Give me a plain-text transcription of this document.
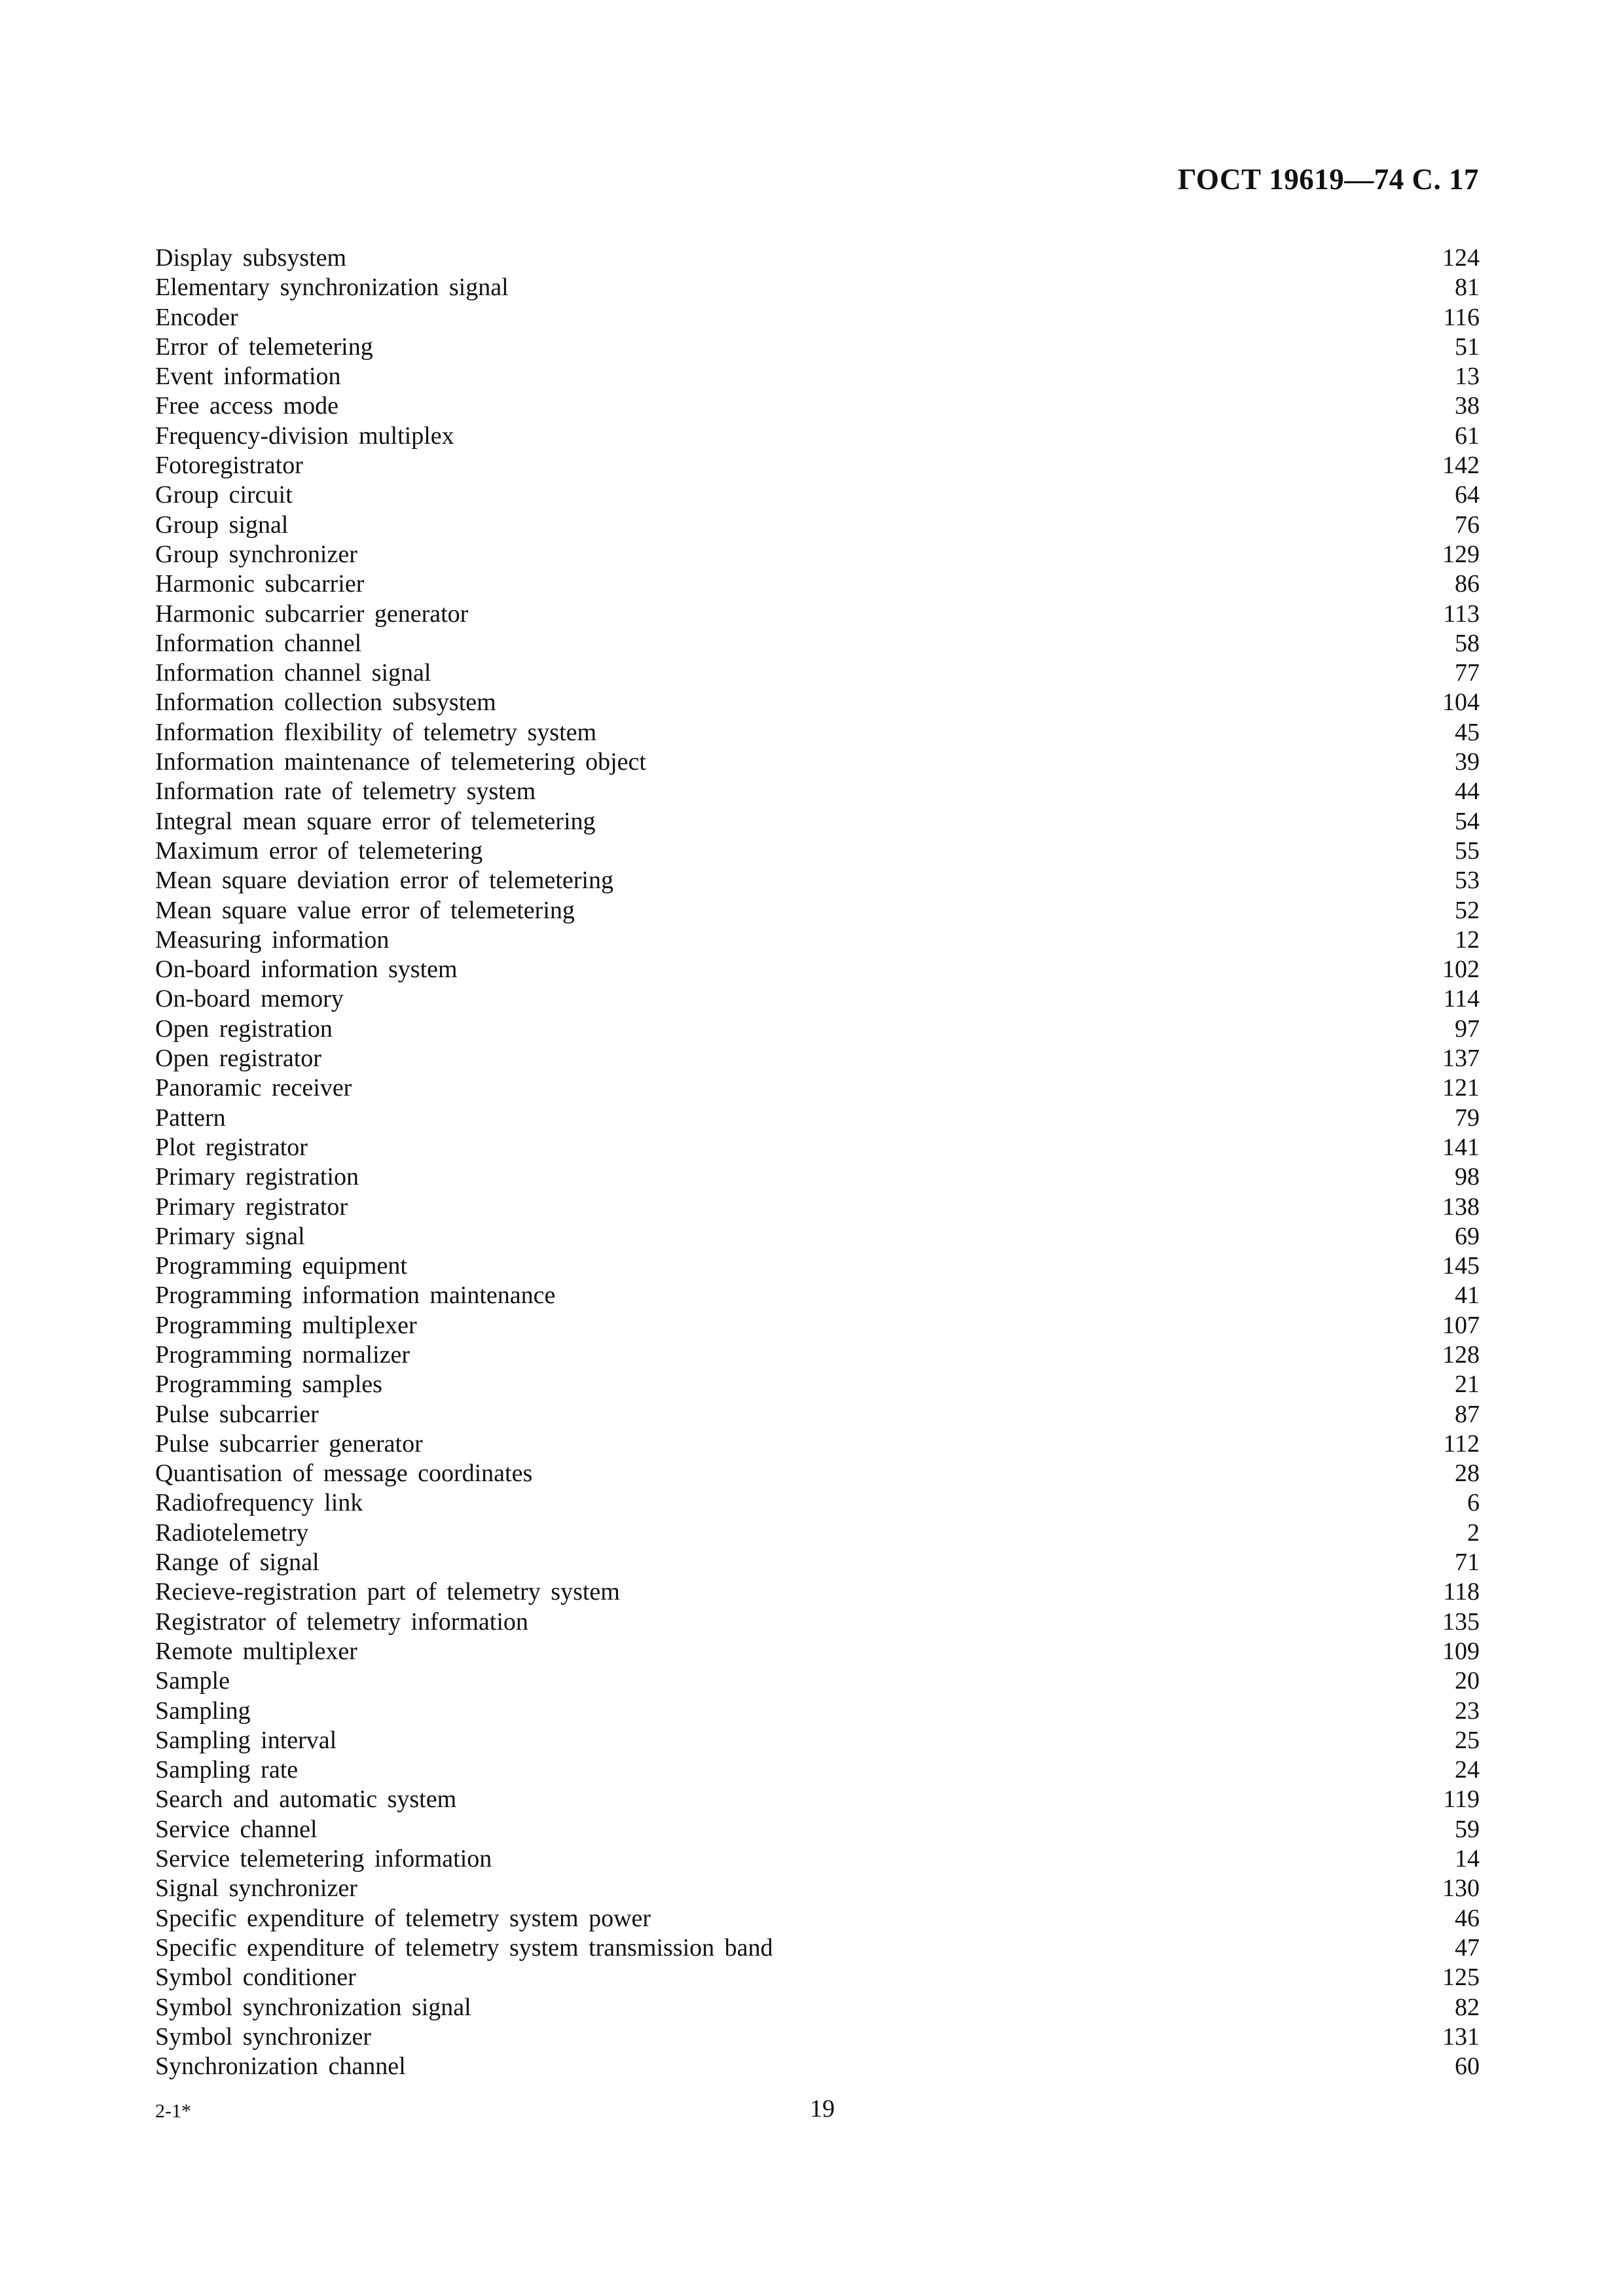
ГОСТ 19619—74 С. 17
Display subsystem	124
Elementary synchronization signal	81
Encoder	116
Error of telemetering	51
Event information	13
Free access mode	38
Frequency-division multiplex	61
Fotoregistrator	142
Group circuit	64
Group signal	76
Group synchronizer	129
Harmonic subcarrier	86
Harmonic subcarrier generator	113
Information channel	58
Information channel signal	77
Information collection subsystem	104
Information flexibility of telemetry system	45
Information maintenance of telemetering object	39
Information rate of telemetry system	44
Integral mean square error of telemetering	54
Maximum error of telemetering	55
Mean square deviation error of telemetering	53
Mean square value error of telemetering	52
Measuring information	12
On-board information system	102
On-board memory	114
Open registration	97
Open registrator	137
Panoramic receiver	121
Pattern	79
Plot registrator	141
Primary registration	98
Primary registrator	138
Primary signal	69
Programming equipment	145
Programming information maintenance	41
Programming multiplexer	107
Programming normalizer	128
Programming samples	21
Pulse subcarrier	87
Pulse subcarrier generator	112
Quantisation of message coordinates	28
Radiofrequency link	6
Radiotelemetry	2
Range of signal	71
Recieve-registration part of telemetry system	118
Registrator of telemetry information	135
Remote multiplexer	109
Sample	20
Sampling	23
Sampling interval	25
Sampling rate	24
Search and automatic system	119
Service channel	59
Service telemetering information	14
Signal synchronizer	130
Specific expenditure of telemetry system power	46
Specific expenditure of telemetry system transmission band	47
Symbol conditioner	125
Symbol synchronization signal	82
Symbol synchronizer	131
Synchronization channel	60
2-1*	19
